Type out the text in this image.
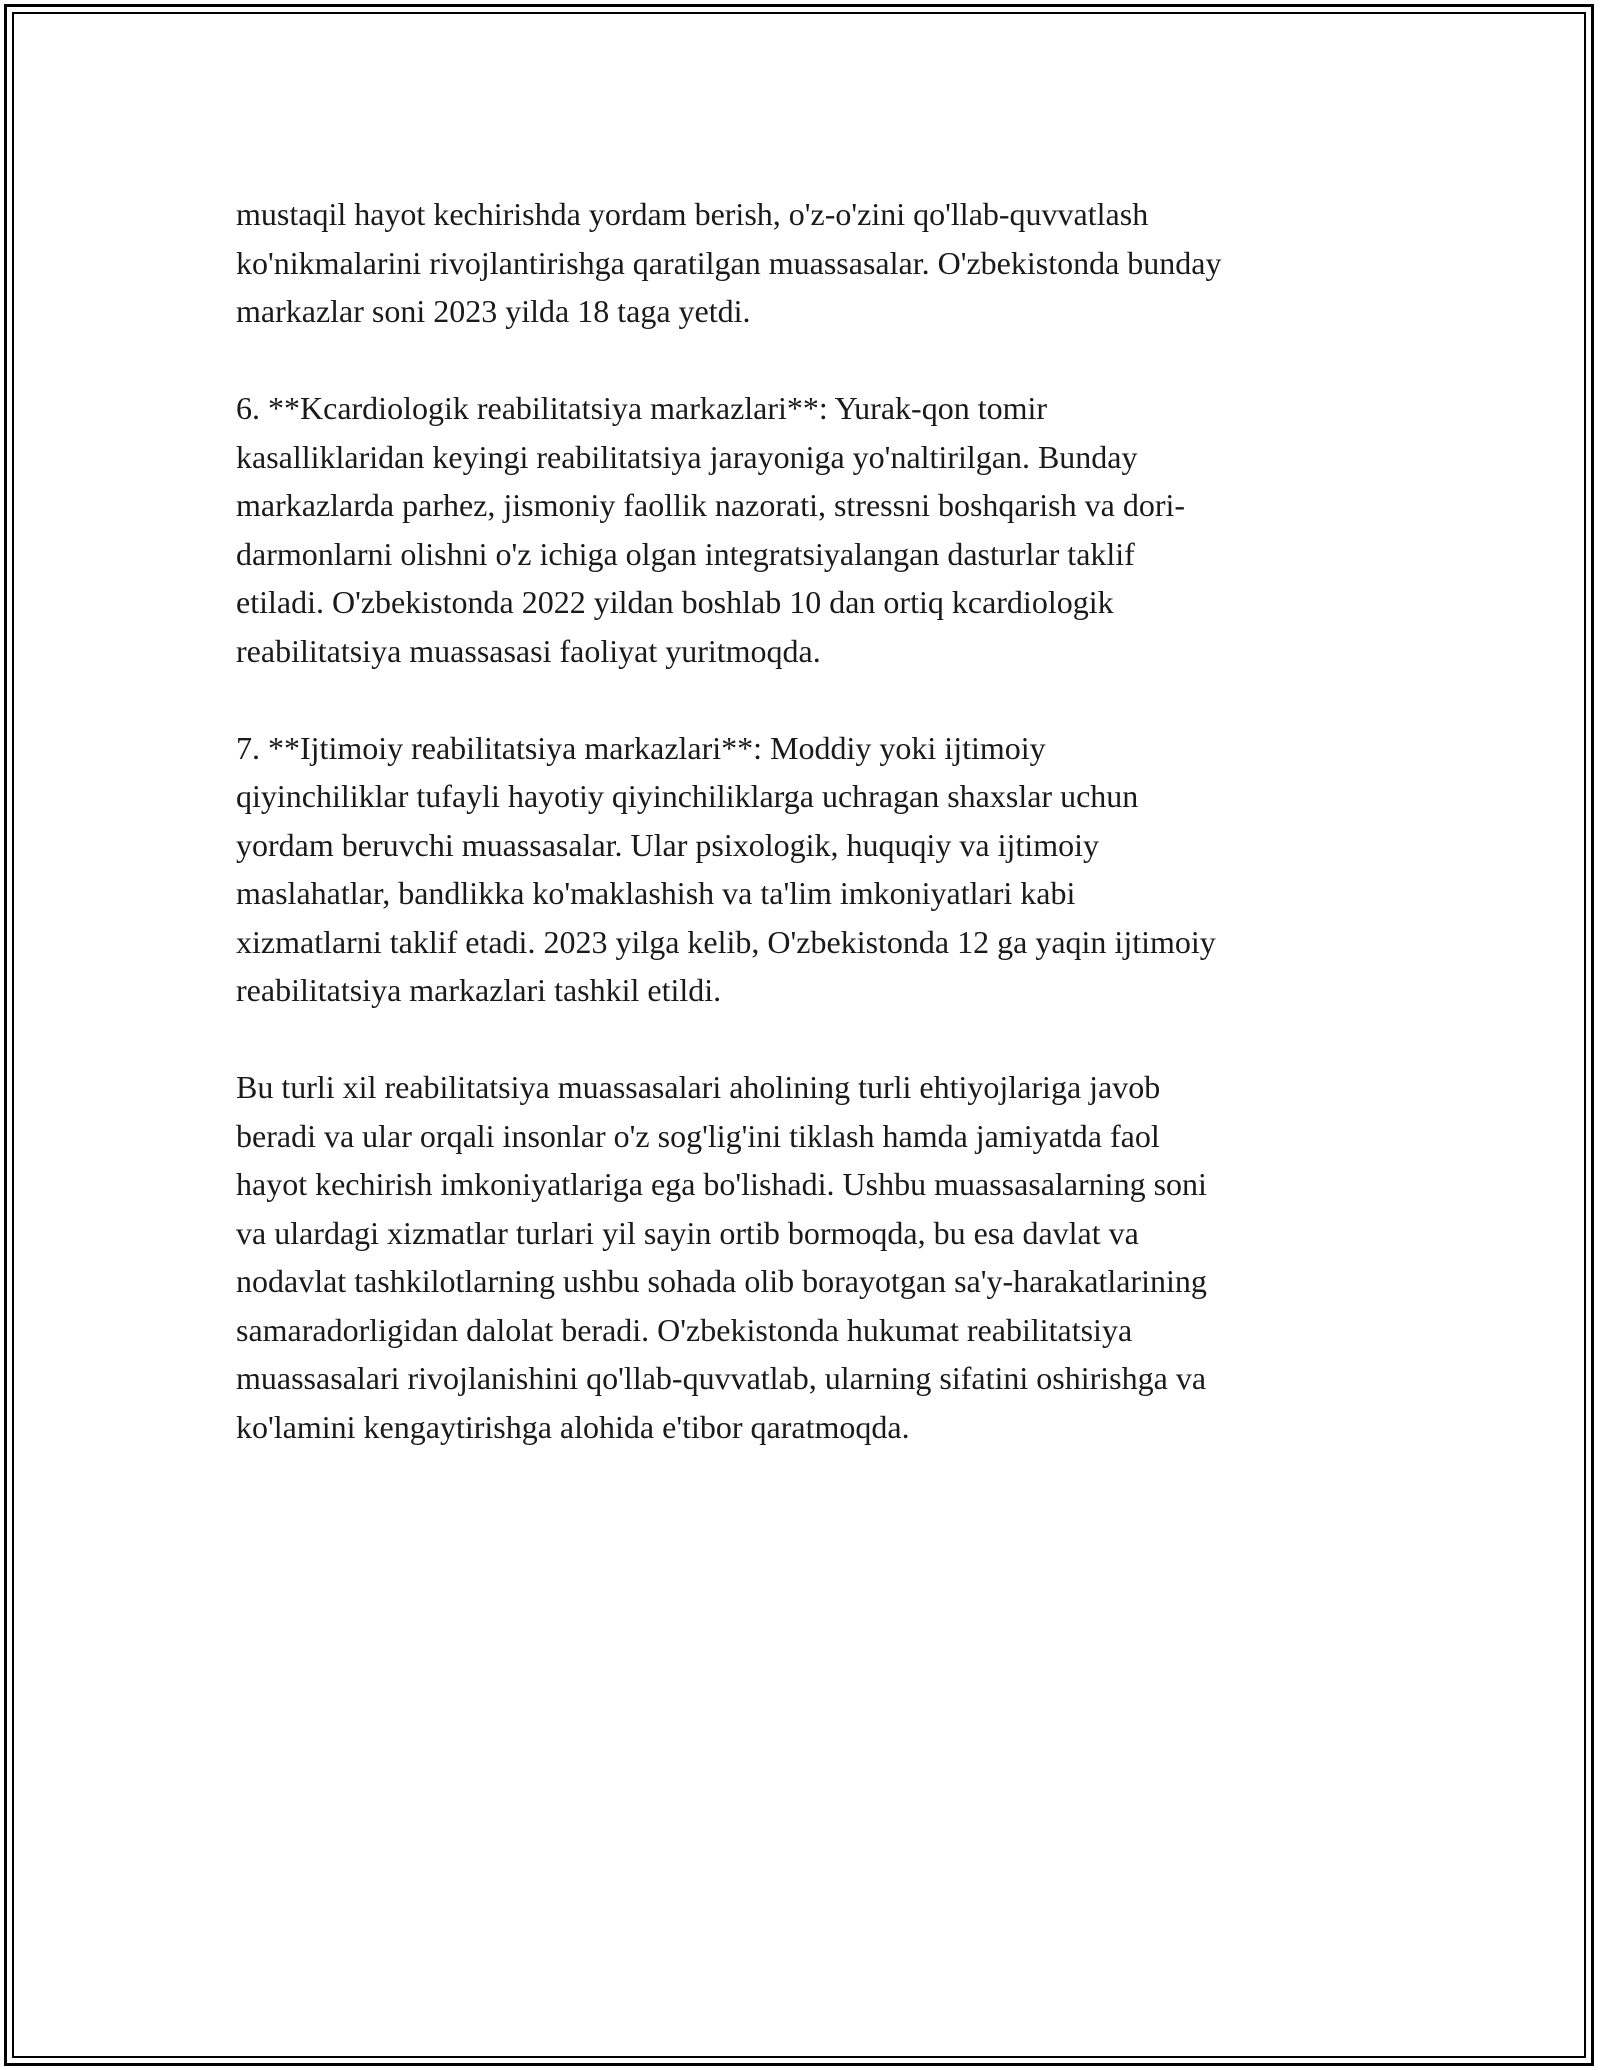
mustaqil hayot kechirishda yordam berish, o'z-o'zini qo'llab-quvvatlash
ko'nikmalarini rivojlantirishga qaratilgan muassasalar. O'zbekistonda bunday
markazlar soni 2023 yilda 18 taga yetdi.

6. **Kcardiologik reabilitatsiya markazlari**: Yurak-qon tomir
kasalliklaridan keyingi reabilitatsiya jarayoniga yo'naltirilgan. Bunday
markazlarda parhez, jismoniy faollik nazorati, stressni boshqarish va dori-
darmonlarni olishni o'z ichiga olgan integratsiyalangan dasturlar taklif
etiladi. O'zbekistonda 2022 yildan boshlab 10 dan ortiq kcardiologik
reabilitatsiya muassasasi faoliyat yuritmoqda.

7. **Ijtimoiy reabilitatsiya markazlari**: Moddiy yoki ijtimoiy
qiyinchiliklar tufayli hayotiy qiyinchiliklarga uchragan shaxslar uchun
yordam beruvchi muassasalar. Ular psixologik, huquqiy va ijtimoiy
maslahatlar, bandlikka ko'maklashish va ta'lim imkoniyatlari kabi
xizmatlarni taklif etadi. 2023 yilga kelib, O'zbekistonda 12 ga yaqin ijtimoiy
reabilitatsiya markazlari tashkil etildi.

Bu turli xil reabilitatsiya muassasalari aholining turli ehtiyojlariga javob
beradi va ular orqali insonlar o'z sog'lig'ini tiklash hamda jamiyatda faol
hayot kechirish imkoniyatlariga ega bo'lishadi. Ushbu muassasalarning soni
va ulardagi xizmatlar turlari yil sayin ortib bormoqda, bu esa davlat va
nodavlat tashkilotlarning ushbu sohada olib borayotgan sa'y-harakatlarining
samaradorligidan dalolat beradi. O'zbekistonda hukumat reabilitatsiya
muassasalari rivojlanishini qo'llab-quvvatlab, ularning sifatini oshirishga va
ko'lamini kengaytirishga alohida e'tibor qaratmoqda.
